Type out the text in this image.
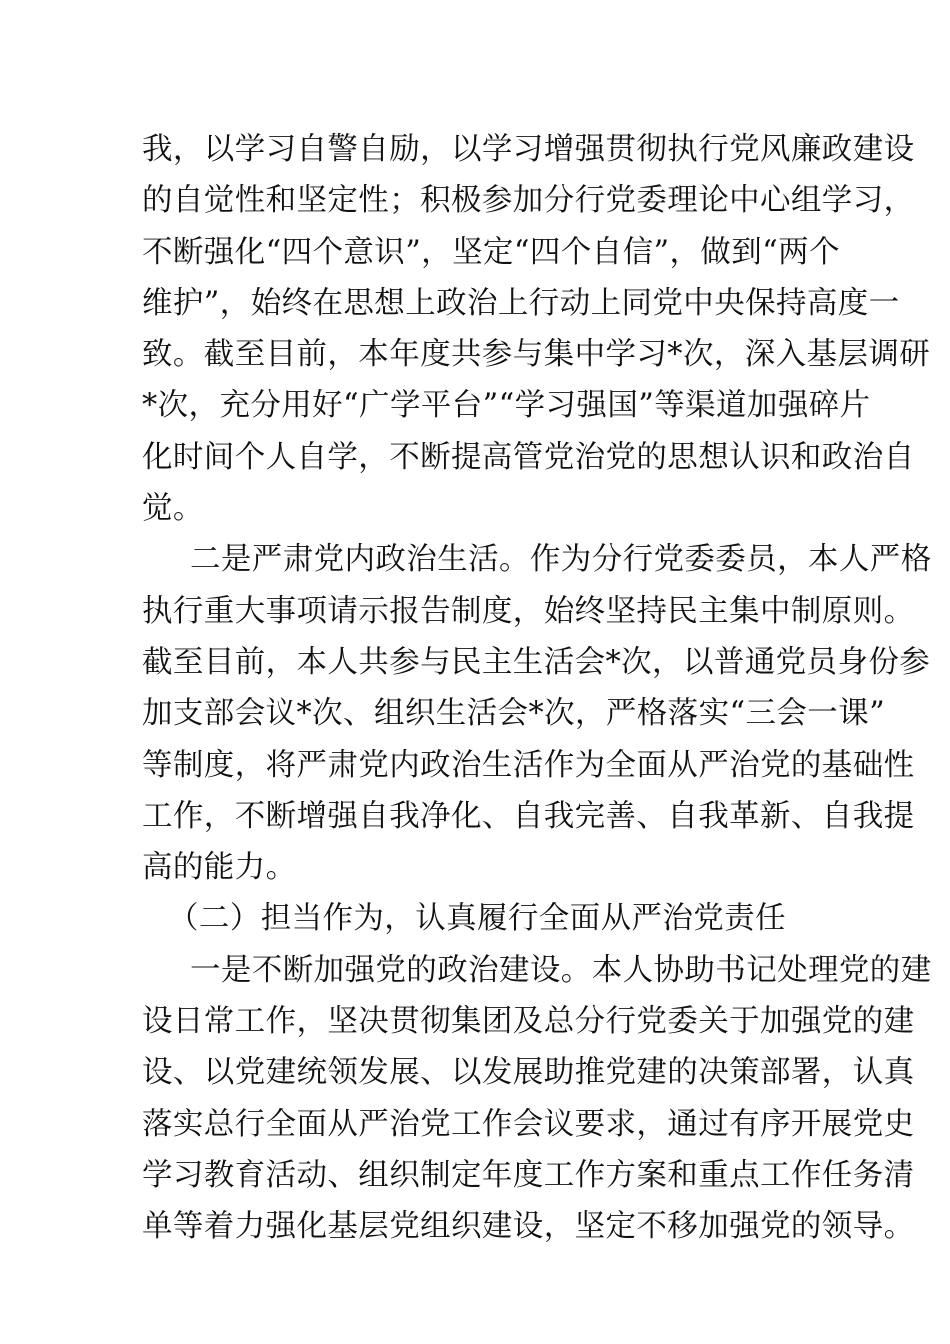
我，以学习自警自励，以学习增强贯彻执行党风廉政建设
的自觉性和坚定性；积极参加分行党委理论中心组学习，
不断强化“四个意识”，坚定“四个自信”，做到“两个
维护”，始终在思想上政治上行动上同党中央保持高度一
致。截至目前，本年度共参与集中学习*次，深入基层调研
*次，充分用好“广学平台”“学习强国”等渠道加强碎片
化时间个人自学，不断提高管党治党的思想认识和政治自
觉。
二是严肃党内政治生活。作为分行党委委员，本人严格
执行重大事项请示报告制度，始终坚持民主集中制原则。
截至目前，本人共参与民主生活会*次，以普通党员身份参
加支部会议*次、组织生活会*次，严格落实“三会一课”
等制度，将严肃党内政治生活作为全面从严治党的基础性
工作，不断增强自我净化、自我完善、自我革新、自我提
高的能力。
（二）担当作为，认真履行全面从严治党责任
一是不断加强党的政治建设。本人协助书记处理党的建
设日常工作，坚决贯彻集团及总分行党委关于加强党的建
设、以党建统领发展、以发展助推党建的决策部署，认真
落实总行全面从严治党工作会议要求，通过有序开展党史
学习教育活动、组织制定年度工作方案和重点工作任务清
单等着力强化基层党组织建设，坚定不移加强党的领导。
